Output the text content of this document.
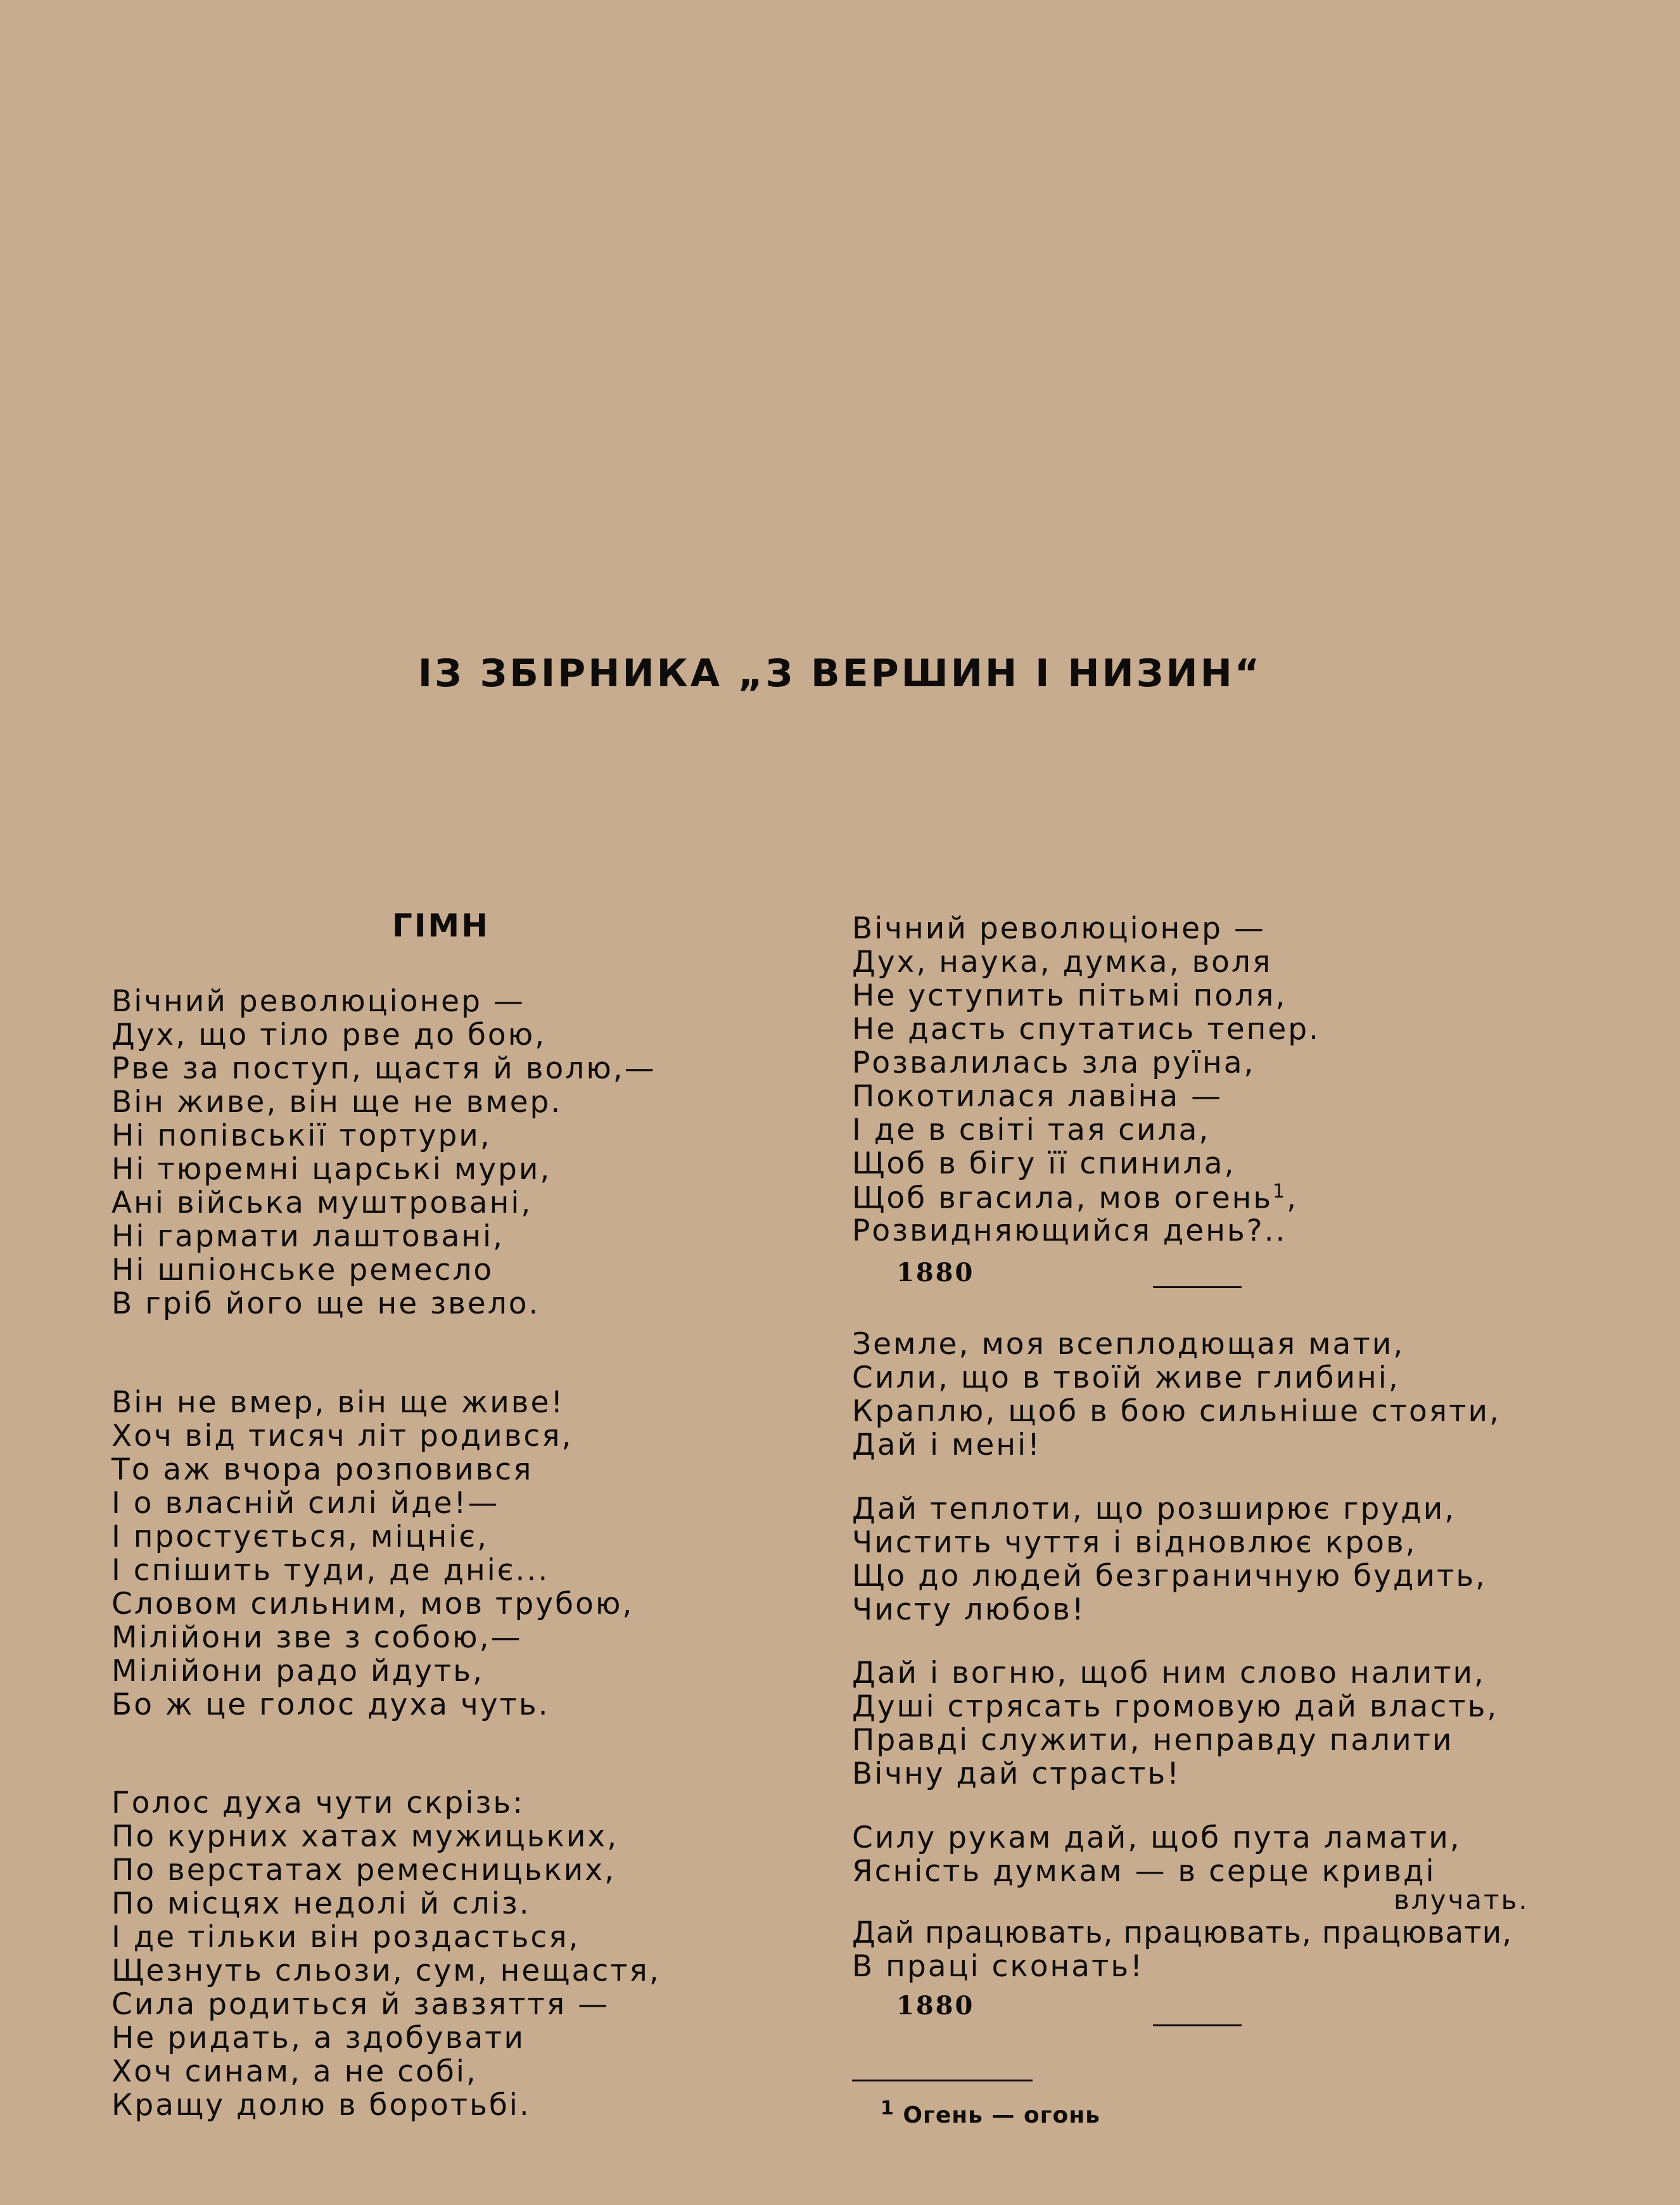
ІЗ ЗБІРНИКА „З ВЕРШИН І НИЗИН“
ГІМН
Вічний революціонер —
Дух, що тіло рве до бою,
Рве за поступ, щастя й волю,—
Він живе, він ще не вмер.
Ні попівськії тортури,
Ні тюремні царські мури,
Ані війська муштровані,
Ні гармати лаштовані,
Ні шпіонське ремесло
В гріб його ще не звело.
Він не вмер, він ще живе!
Хоч від тисяч літ родився,
То аж вчора розповився
І о власній силі йде!—
І простується, міцніє,
І спішить туди, де дніє...
Словом сильним, мов трубою,
Мілійони зве з собою,—
Мілійони радо йдуть,
Бо ж це голос духа чуть.
Голос духа чути скрізь:
По курних хатах мужицьких,
По верстатах ремесницьких,
По місцях недолі й сліз.
І де тільки він роздасться,
Щезнуть сльози, сум, нещастя,
Сила родиться й завзяття —
Не ридать, а здобувати
Хоч синам, а не собі,
Кращу долю в боротьбі.
Вічний революціонер —
Дух, наука, думка, воля
Не уступить пітьмі поля,
Не дасть спутатись тепер.
Розвалилась зла руїна,
Покотилася лавіна —
І де в світі тая сила,
Щоб в бігу її спинила,
Щоб вгасила, мов огень$^1$,
Розвидняющийся день?..
1880
Земле, моя всеплодющая мати,
Сили, що в твоїй живе глибині,
Краплю, щоб в бою сильніше стояти,
Дай і мені!
Дай теплоти, що розширює груди,
Чистить чуття і відновлює кров,
Що до людей безграничную будить,
Чисту любов!
Дай і вогню, щоб ним слово налити,
Душі стрясать громовую дай власть,
Правді служити, неправду палити
Вічну дай страсть!
Силу рукам дай, щоб пута ламати,
Ясність думкам — в серце кривді
влучать.
Дай працювать, працювать, працювати,
В праці сконать!
1880
$^1$ Огень — огонь
